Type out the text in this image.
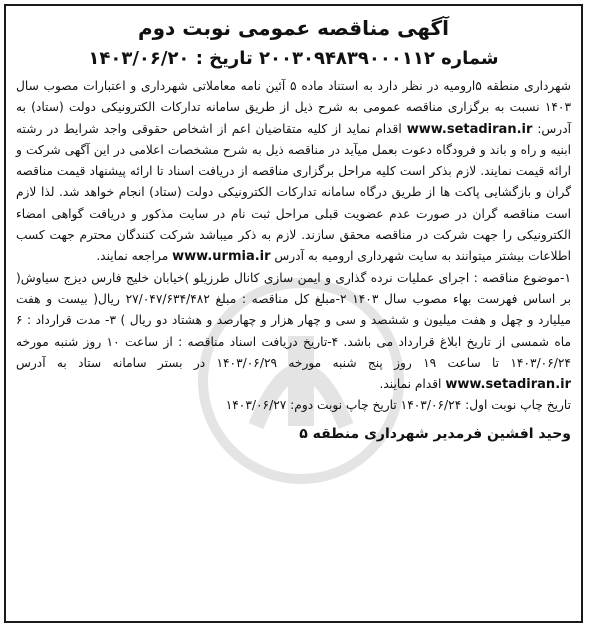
آگهی مناقصه عمومی نوبت دوم
شماره ۲۰۰۳۰۹۴۸۳۹۰۰۰۱۱۲ تاریخ : ۱۴۰۳/۰۶/۲۰

شهرداری منطقه ۵ارومیه در نظر دارد به استناد ماده ۵ آئین نامه معاملاتی شهرداری و اعتبارات مصوب سال ۱۴۰۳ نسبت به برگزاری مناقصه عمومی به شرح ذیل از طریق سامانه تدارکات الکترونیکی دولت (ستاد) به آدرس: www.setadiran.ir اقدام نماید از کلیه متقاضیان اعم از اشخاص حقوقی واجد شرایط در رشته ابنیه و راه و باند و فرودگاه دعوت بعمل میآید در مناقصه ذیل به شرح مشخصات اعلامی در این آگهی شرکت و ارائه قیمت نمایند. لازم بذکر است کلیه مراحل برگزاری مناقصه از دریافت اسناد تا ارائه پیشنهاد قیمت مناقصه گران و بازگشایی پاکت ها از طریق درگاه سامانه تدارکات الکترونیکی دولت (ستاد) انجام خواهد شد. لذا لازم است مناقصه گران در صورت عدم عضویت قبلی مراحل ثبت نام در سایت مذکور و دریافت گواهی امضاء الکترونیکی را جهت شرکت در مناقصه محقق سازند. لازم به ذکر میباشد شرکت کنندگان محترم جهت کسب اطلاعات بیشتر میتوانند به سایت شهرداری ارومیه به آدرس www.urmia.ir مراجعه نمایند.

۱-موضوع مناقصه : اجرای عملیات نرده گذاری و ایمن سازی کانال طرزیلو )خیابان خلیج فارس دیزج سیاوش( بر اساس فهرست بهاء مصوب سال ۱۴۰۳ ۲-مبلغ کل مناقصه : مبلغ ۲۷/۰۴۷/۶۳۴/۴۸۲ ریال( بیست و هفت میلیارد و چهل و هفت میلیون و ششصد و سی و چهار هزار و چهارصد و هشتاد دو ریال ) ۳- مدت قرارداد : ۶ ماه شمسی از تاریخ ابلاغ قرارداد می باشد. ۴-تاریخ دریافت اسناد مناقصه : از ساعت ۱۰ روز شنبه مورخه ۱۴۰۳/۰۶/۲۴ تا ساعت ۱۹ روز پنج شنبه مورخه ۱۴۰۳/۰۶/۲۹ در بستر سامانه ستاد به آدرس www.setadiran.ir اقدام نمایند.

تاریخ چاپ نوبت اول: ۱۴۰۳/۰۶/۲۴ تاریخ چاپ نوبت دوم: ۱۴۰۳/۰۶/۲۷

وحید افشین فرمدیر شهرداری منطقه ۵
